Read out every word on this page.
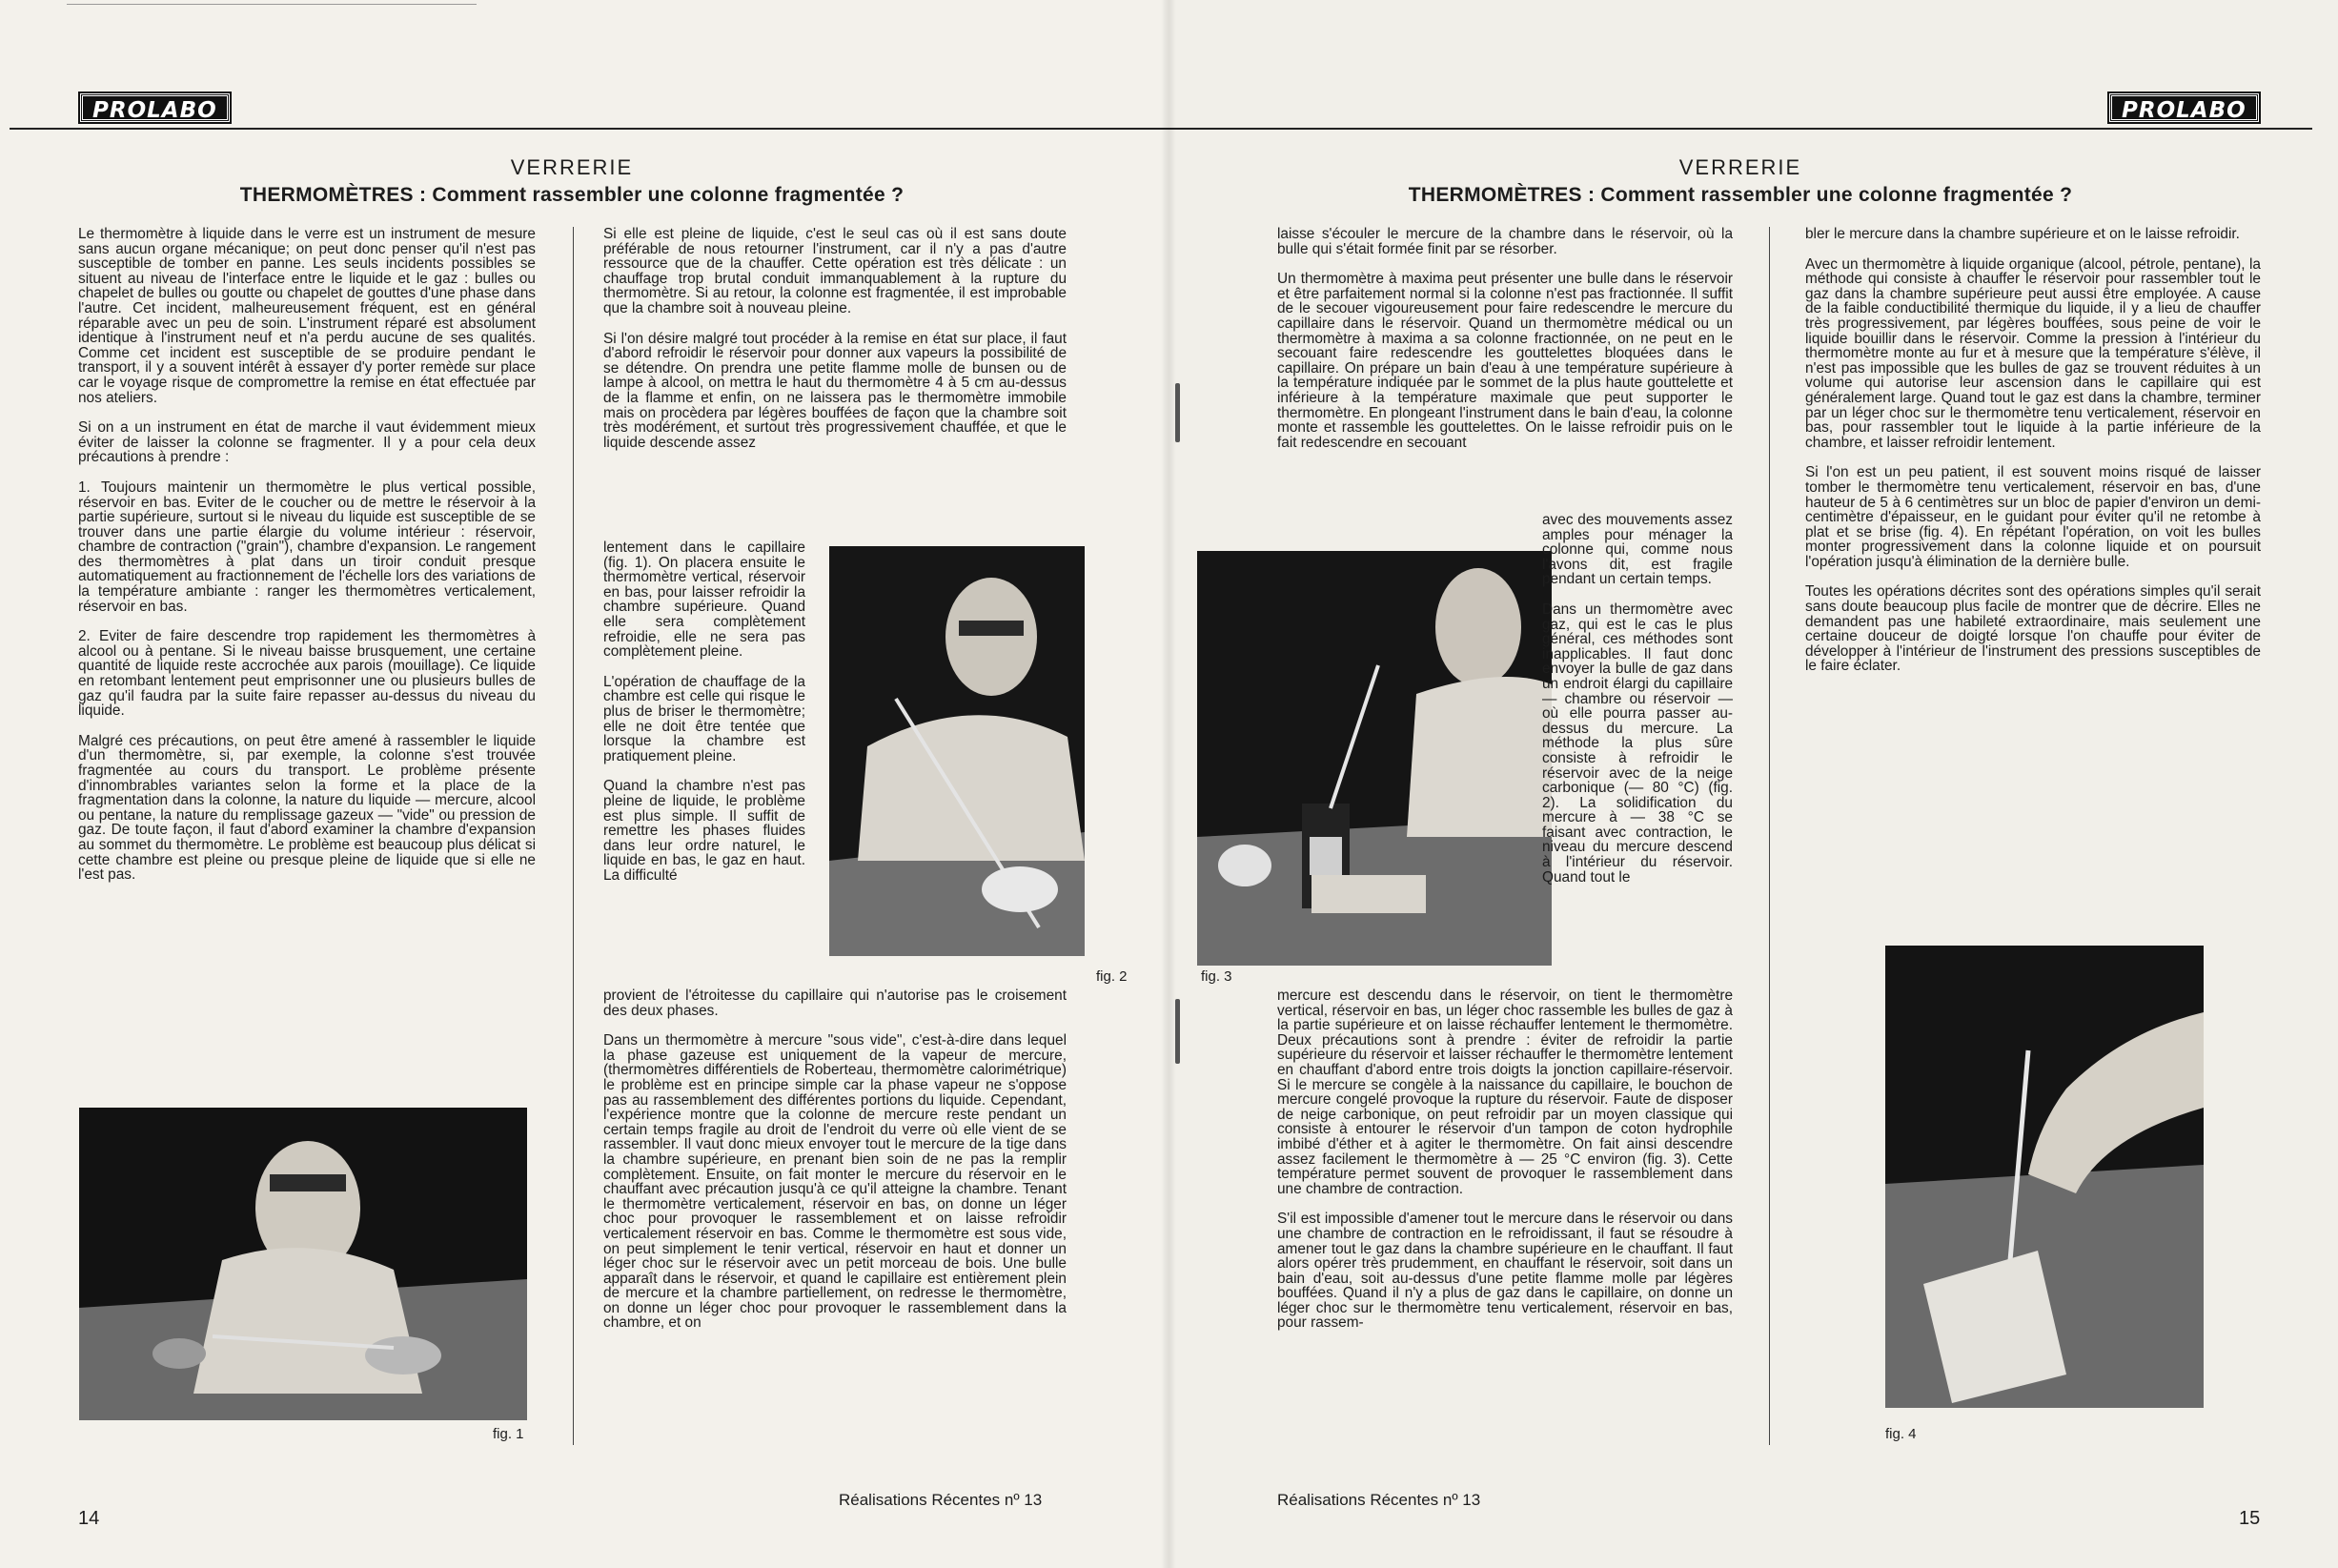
PROLABO
VERRERIE
THERMOMÈTRES : Comment rassembler une colonne fragmentée ?

Le thermomètre à liquide dans le verre est un instrument de mesure sans aucun organe mécanique; on peut donc penser qu'il n'est pas susceptible de tomber en panne. Les seuls incidents possibles se situent au niveau de l'interface entre le liquide et le gaz : bulles ou chapelet de bulles ou goutte ou chapelet de gouttes d'une phase dans l'autre. Cet incident, malheureusement fréquent, est en général réparable avec un peu de soin. L'instrument réparé est absolument identique à l'instrument neuf et n'a perdu aucune de ses qualités. Comme cet incident est susceptible de se produire pendant le transport, il y a souvent intérêt à essayer d'y porter remède sur place car le voyage risque de compromettre la remise en état effectuée par nos ateliers.

Si on a un instrument en état de marche il vaut évidemment mieux éviter de laisser la colonne se fragmenter. Il y a pour cela deux précautions à prendre :

1. Toujours maintenir un thermomètre le plus vertical possible, réservoir en bas. Eviter de le coucher ou de mettre le réservoir à la partie supérieure, surtout si le niveau du liquide est susceptible de se trouver dans une partie élargie du volume intérieur : réservoir, chambre de contraction ("grain"), chambre d'expansion. Le rangement des thermomètres à plat dans un tiroir conduit presque automatiquement au fractionnement de l'échelle lors des variations de la température ambiante : ranger les thermomètres verticalement, réservoir en bas.

2. Eviter de faire descendre trop rapidement les thermomètres à alcool ou à pentane. Si le niveau baisse brusquement, une certaine quantité de liquide reste accrochée aux parois (mouillage). Ce liquide en retombant lentement peut emprisonner une ou plusieurs bulles de gaz qu'il faudra par la suite faire repasser au-dessus du niveau du liquide.

Malgré ces précautions, on peut être amené à rassembler le liquide d'un thermomètre, si, par exemple, la colonne s'est trouvée fragmentée au cours du transport. Le problème présente d'innombrables variantes selon la forme et la place de la fragmentation dans la colonne, la nature du liquide — mercure, alcool ou pentane, la nature du remplissage gazeux — "vide" ou pression de gaz. De toute façon, il faut d'abord examiner la chambre d'expansion au sommet du thermomètre. Le problème est beaucoup plus délicat si cette chambre est pleine ou presque pleine de liquide que si elle ne l'est pas.

fig. 1

Si elle est pleine de liquide, c'est le seul cas où il est sans doute préférable de nous retourner l'instrument, car il n'y a pas d'autre ressource que de la chauffer. Cette opération est très délicate : un chauffage trop brutal conduit immanquablement à la rupture du thermomètre. Si au retour, la colonne est fragmentée, il est improbable que la chambre soit à nouveau pleine.

Si l'on désire malgré tout procéder à la remise en état sur place, il faut d'abord refroidir le réservoir pour donner aux vapeurs la possibilité de se détendre. On prendra une petite flamme molle de bunsen ou de lampe à alcool, on mettra le haut du thermomètre 4 à 5 cm au-dessus de la flamme et enfin, on ne laissera pas le thermomètre immobile mais on procèdera par légères bouffées de façon que la chambre soit très modérément, et surtout très progressivement chauffée, et que le liquide descende assez

lentement dans le capillaire (fig. 1). On placera ensuite le thermomètre vertical, réservoir en bas, pour laisser refroidir la chambre supérieure. Quand elle sera complètement refroidie, elle ne sera pas complètement pleine.

L'opération de chauffage de la chambre est celle qui risque le plus de briser le thermomètre; elle ne doit être tentée que lorsque la chambre est pratiquement pleine.

Quand la chambre n'est pas pleine de liquide, le problème est plus simple. Il suffit de remettre les phases fluides dans leur ordre naturel, le liquide en bas, le gaz en haut. La difficulté

fig. 2

provient de l'étroitesse du capillaire qui n'autorise pas le croisement des deux phases.

Dans un thermomètre à mercure "sous vide", c'est-à-dire dans lequel la phase gazeuse est uniquement de la vapeur de mercure, (thermomètres différentiels de Roberteau, thermomètre calorimétrique) le problème est en principe simple car la phase vapeur ne s'oppose pas au rassemblement des différentes portions du liquide. Cependant, l'expérience montre que la colonne de mercure reste pendant un certain temps fragile au droit de l'endroit du verre où elle vient de se rassembler. Il vaut donc mieux envoyer tout le mercure de la tige dans la chambre supérieure, en prenant bien soin de ne pas la remplir complètement. Ensuite, on fait monter le mercure du réservoir en le chauffant avec précaution jusqu'à ce qu'il atteigne la chambre. Tenant le thermomètre verticalement, réservoir en bas, on donne un léger choc pour provoquer le rassemblement et on laisse refroidir verticalement réservoir en bas. Comme le thermomètre est sous vide, on peut simplement le tenir vertical, réservoir en haut et donner un léger choc sur le réservoir avec un petit morceau de bois. Une bulle apparaît dans le réservoir, et quand le capillaire est entièrement plein de mercure et la chambre partiellement, on redresse le thermomètre, on donne un léger choc pour provoquer le rassemblement dans la chambre, et on

Réalisations Récentes nº 13
14
PROLABO
VERRERIE
THERMOMÈTRES : Comment rassembler une colonne fragmentée ?

laisse s'écouler le mercure de la chambre dans le réservoir, où la bulle qui s'était formée finit par se résorber.

Un thermomètre à maxima peut présenter une bulle dans le réservoir et être parfaitement normal si la colonne n'est pas fractionnée. Il suffit de le secouer vigoureusement pour faire redescendre le mercure du capillaire dans le réservoir. Quand un thermomètre médical ou un thermomètre à maxima a sa colonne fractionnée, on ne peut en le secouant faire redescendre les gouttelettes bloquées dans le capillaire. On prépare un bain d'eau à une température supérieure à la température indiquée par le sommet de la plus haute gouttelette et inférieure à la température maximale que peut supporter le thermomètre. En plongeant l'instrument dans le bain d'eau, la colonne monte et rassemble les gouttelettes. On le laisse refroidir puis on le fait redescendre en secouant

fig. 3

avec des mouvements assez amples pour ménager la colonne qui, comme nous l'avons dit, est fragile pendant un certain temps.

Dans un thermomètre avec gaz, qui est le cas le plus général, ces méthodes sont inapplicables. Il faut donc envoyer la bulle de gaz dans un endroit élargi du capillaire — chambre ou réservoir — où elle pourra passer au-dessus du mercure. La méthode la plus sûre consiste à refroidir le réservoir avec de la neige carbonique (— 80 °C) (fig. 2). La solidification du mercure à — 38 °C se faisant avec contraction, le niveau du mercure descend à l'intérieur du réservoir. Quand tout le

mercure est descendu dans le réservoir, on tient le thermomètre vertical, réservoir en bas, un léger choc rassemble les bulles de gaz à la partie supérieure et on laisse réchauffer lentement le thermomètre. Deux précautions sont à prendre : éviter de refroidir la partie supérieure du réservoir et laisser réchauffer le thermomètre lentement en chauffant d'abord entre trois doigts la jonction capillaire-réservoir. Si le mercure se congèle à la naissance du capillaire, le bouchon de mercure congelé provoque la rupture du réservoir. Faute de disposer de neige carbonique, on peut refroidir par un moyen classique qui consiste à entourer le réservoir d'un tampon de coton hydrophile imbibé d'éther et à agiter le thermomètre. On fait ainsi descendre assez facilement le thermomètre à — 25 °C environ (fig. 3). Cette température permet souvent de provoquer le rassemblement dans une chambre de contraction.

S'il est impossible d'amener tout le mercure dans le réservoir ou dans une chambre de contraction en le refroidissant, il faut se résoudre à amener tout le gaz dans la chambre supérieure en le chauffant. Il faut alors opérer très prudemment, en chauffant le réservoir, soit dans un bain d'eau, soit au-dessus d'une petite flamme molle par légères bouffées. Quand il n'y a plus de gaz dans le capillaire, on donne un léger choc sur le thermomètre tenu verticalement, réservoir en bas, pour rassem-

bler le mercure dans la chambre supérieure et on le laisse refroidir.

Avec un thermomètre à liquide organique (alcool, pétrole, pentane), la méthode qui consiste à chauffer le réservoir pour rassembler tout le gaz dans la chambre supérieure peut aussi être employée. A cause de la faible conductibilité thermique du liquide, il y a lieu de chauffer très progressivement, par légères bouffées, sous peine de voir le liquide bouillir dans le réservoir. Comme la pression à l'intérieur du thermomètre monte au fur et à mesure que la température s'élève, il n'est pas impossible que les bulles de gaz se trouvent réduites à un volume qui autorise leur ascension dans le capillaire qui est généralement large. Quand tout le gaz est dans la chambre, terminer par un léger choc sur le thermomètre tenu verticalement, réservoir en bas, pour rassembler tout le liquide à la partie inférieure de la chambre, et laisser refroidir lentement.

Si l'on est un peu patient, il est souvent moins risqué de laisser tomber le thermomètre tenu verticalement, réservoir en bas, d'une hauteur de 5 à 6 centimètres sur un bloc de papier d'environ un demi-centimètre d'épaisseur, en le guidant pour éviter qu'il ne retombe à plat et se brise (fig. 4). En répétant l'opération, on voit les bulles monter progressivement dans la colonne liquide et on poursuit l'opération jusqu'à élimination de la dernière bulle.

Toutes les opérations décrites sont des opérations simples qu'il serait sans doute beaucoup plus facile de montrer que de décrire. Elles ne demandent pas une habileté extraordinaire, mais seulement une certaine douceur de doigté lorsque l'on chauffe pour éviter de développer à l'intérieur de l'instrument des pressions susceptibles de le faire éclater.

fig. 4
Réalisations Récentes nº 13
15
